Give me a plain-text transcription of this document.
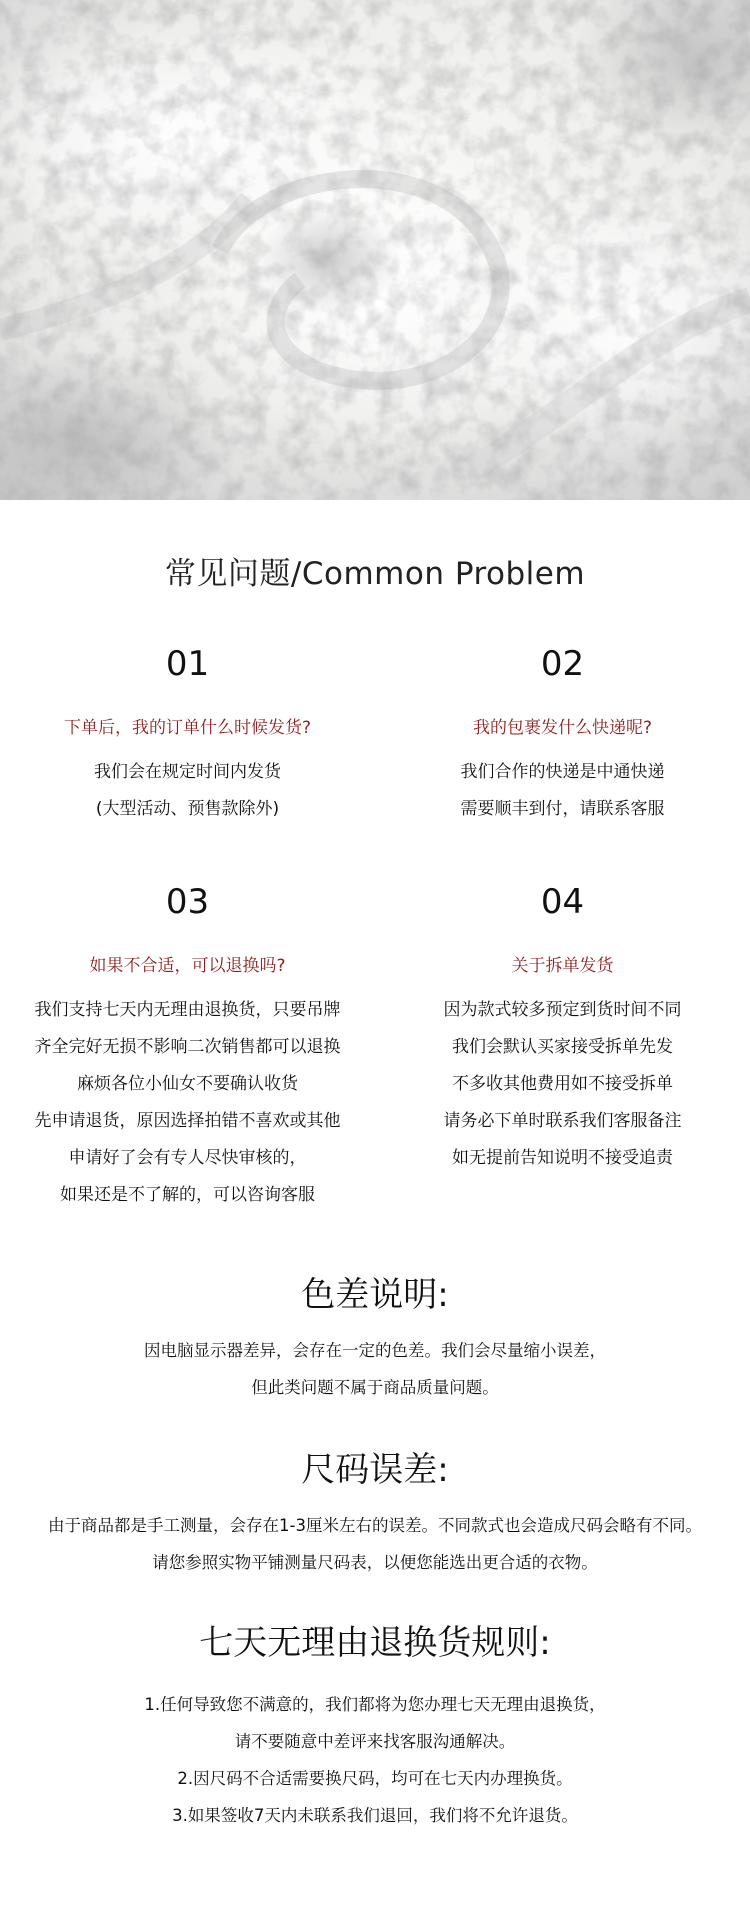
常见问题/Common Problem
01
下单后，我的订单什么时候发货?
我们会在规定时间内发货
(大型活动、预售款除外)
02
我的包裹发什么快递呢?
我们合作的快递是中通快递
需要顺丰到付，请联系客服
03
如果不合适，可以退换吗?
我们支持七天内无理由退换货，只要吊牌
齐全完好无损不影响二次销售都可以退换
麻烦各位小仙女不要确认收货
先申请退货，原因选择拍错不喜欢或其他
申请好了会有专人尽快审核的，
如果还是不了解的，可以咨询客服
04
关于拆单发货
因为款式较多预定到货时间不同
我们会默认买家接受拆单先发
不多收其他费用如不接受拆单
请务必下单时联系我们客服备注
如无提前告知说明不接受追责
色差说明:
因电脑显示器差异，会存在一定的色差。我们会尽量缩小误差，
但此类问题不属于商品质量问题。
尺码误差:
由于商品都是手工测量，会存在1-3厘米左右的误差。不同款式也会造成尺码会略有不同。
请您参照实物平铺测量尺码表，以便您能选出更合适的衣物。
七天无理由退换货规则:
1.任何导致您不满意的，我们都将为您办理七天无理由退换货，
请不要随意中差评来找客服沟通解决。
2.因尺码不合适需要换尺码，均可在七天内办理换货。
3.如果签收7天内未联系我们退回，我们将不允许退货。
